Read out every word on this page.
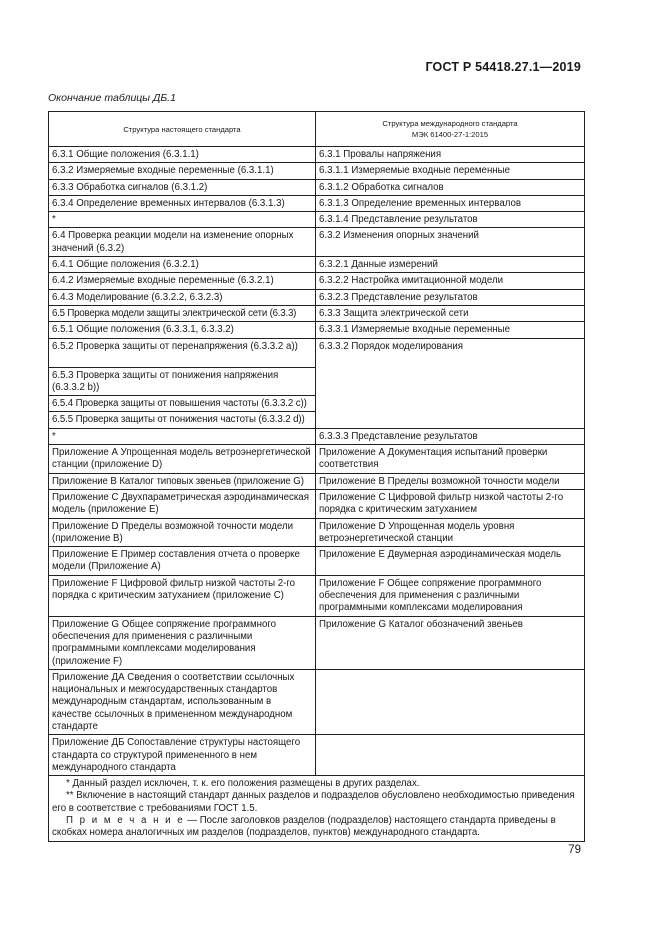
ГОСТ Р 54418.27.1—2019
Окончание таблицы ДБ.1
Структура настоящего стандарта	Структура международного стандарта
МЭК 61400-27-1:2015
6.3.1 Общие положения (6.3.1.1)	6.3.1 Провалы напряжения
6.3.2 Измеряемые входные переменные (6.3.1.1)	6.3.1.1 Измеряемые входные переменные
6.3.3 Обработка сигналов (6.3.1.2)	6.3.1.2 Обработка сигналов
6.3.4 Определение временных интервалов (6.3.1.3)	6.3.1.3 Определение временных интервалов
*	6.3.1.4 Представление результатов
6.4 Проверка реакции модели на изменение опорных значений (6.3.2)	6.3.2 Изменения опорных значений
6.4.1 Общие положения (6.3.2.1)	6.3.2.1 Данные измерений
6.4.2 Измеряемые входные переменные (6.3.2.1)	6.3.2.2 Настройка имитационной модели
6.4.3 Моделирование (6.3.2.2, 6.3.2.3)	6.3.2.3 Представление результатов
6.5 Проверка модели защиты электрической сети (6.3.3)	6.3.3 Защита электрической сети
6.5.1 Общие положения (6.3.3.1, 6.3.3.2)	6.3.3.1 Измеряемые входные переменные
6.5.2 Проверка защиты от перенапряжения (6.3.3.2 a))	6.3.3.2 Порядок моделирования
6.5.3 Проверка защиты от понижения напряжения (6.3.3.2 b))	
6.5.4 Проверка защиты от повышения частоты (6.3.3.2 c))	
6.5.5 Проверка защиты от понижения частоты (6.3.3.2 d))	
*	6.3.3.3 Представление результатов
Приложение А Упрощенная модель ветроэнергетической станции (приложение D)	Приложение А Документация испытаний проверки соответствия
Приложение В Каталог типовых звеньев (приложение G)	Приложение В Пределы возможной точности модели
Приложение С Двухпараметрическая аэродинамическая модель (приложение E)	Приложение С Цифровой фильтр низкой частоты 2-го порядка с критическим затуханием
Приложение D Пределы возможной точности модели (приложение В)	Приложение D Упрощенная модель уровня ветроэнергетической станции
Приложение Е Пример составления отчета о проверке модели (Приложение А)	Приложение Е Двумерная аэродинамическая модель
Приложение F Цифровой фильтр низкой частоты 2-го порядка с критическим затуханием (приложение С)	Приложение F Общее сопряжение программного обеспечения для применения с различными программными комплексами моделирования
Приложение G Общее сопряжение программного обеспечения для применения с различными программными комплексами моделирования (приложение F)	Приложение G Каталог обозначений звеньев
Приложение ДА Сведения о соответствии ссылочных национальных и межгосударственных стандартов международным стандартам, использованным в качестве ссылочных в примененном международном стандарте	
Приложение ДБ Сопоставление структуры настоящего стандарта со структурой примененного в нем международного стандарта	

* Данный раздел исключен, т. к. его положения размещены в других разделах.
** Включение в настоящий стандарт данных разделов и подразделов обусловлено необходимостью приведения его в соответствие с требованиями ГОСТ 1.5.
П р и м е ч а н и е — После заголовков разделов (подразделов) настоящего стандарта приведены в скобках номера аналогичных им разделов (подразделов, пунктов) международного стандарта.	
79
